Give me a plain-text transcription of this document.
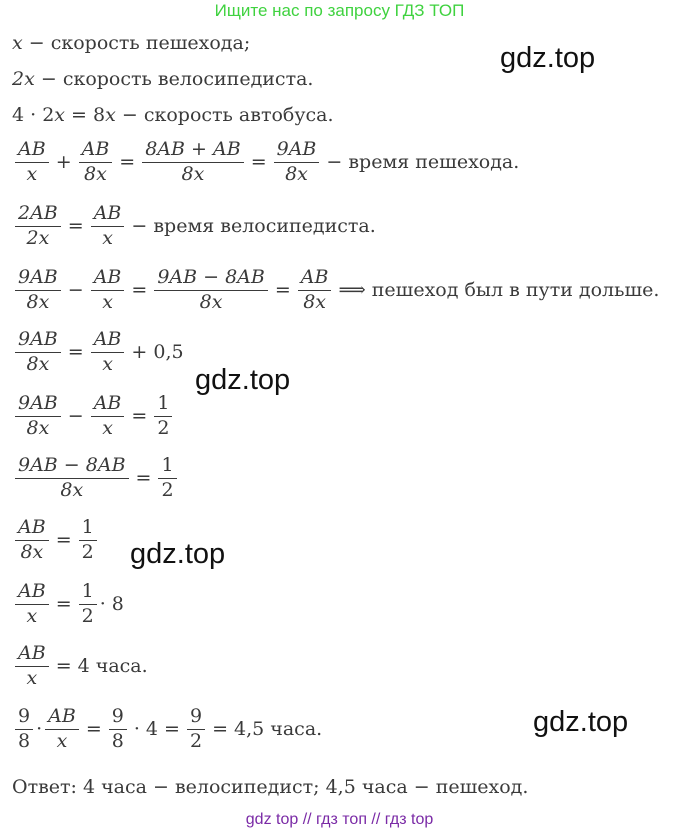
Ищите нас по запросу ГДЗ ТОП
gdz.top
gdz.top
gdz.top
gdz.top
x − скорость пешехода;
2x − скорость велосипедиста.
4 · 2x = 8x − скорость автобуса.
$\frac{AB}{x} + \frac{AB}{8x} = \frac{8AB + AB}{8x} = \frac{9AB}{8x}$ − время пешехода.
$\frac{2AB}{2x} = \frac{AB}{x}$ − время велосипедиста.
$\frac{9AB}{8x} - \frac{AB}{x} = \frac{9AB - 8AB}{8x} = \frac{AB}{8x}$ ⟹ пешеход был в пути дольше.
$\frac{9AB}{8x} = \frac{AB}{x} + 0,5$
$\frac{9AB}{8x} - \frac{AB}{x} = \frac{1}{2}$
$\frac{9AB - 8AB}{8x} = \frac{1}{2}$
$\frac{AB}{8x} = \frac{1}{2}$
$\frac{AB}{x} = \frac{1}{2} \cdot 8$
$\frac{AB}{x} = 4$ часа.
$\frac{9}{8} \cdot \frac{AB}{x} = \frac{9}{8} \cdot 4 = \frac{9}{2} = 4,5$ часа.
Ответ: 4 часа − велосипедист; 4,5 часа − пешеход.
gdz top // гдз топ // гдз top
